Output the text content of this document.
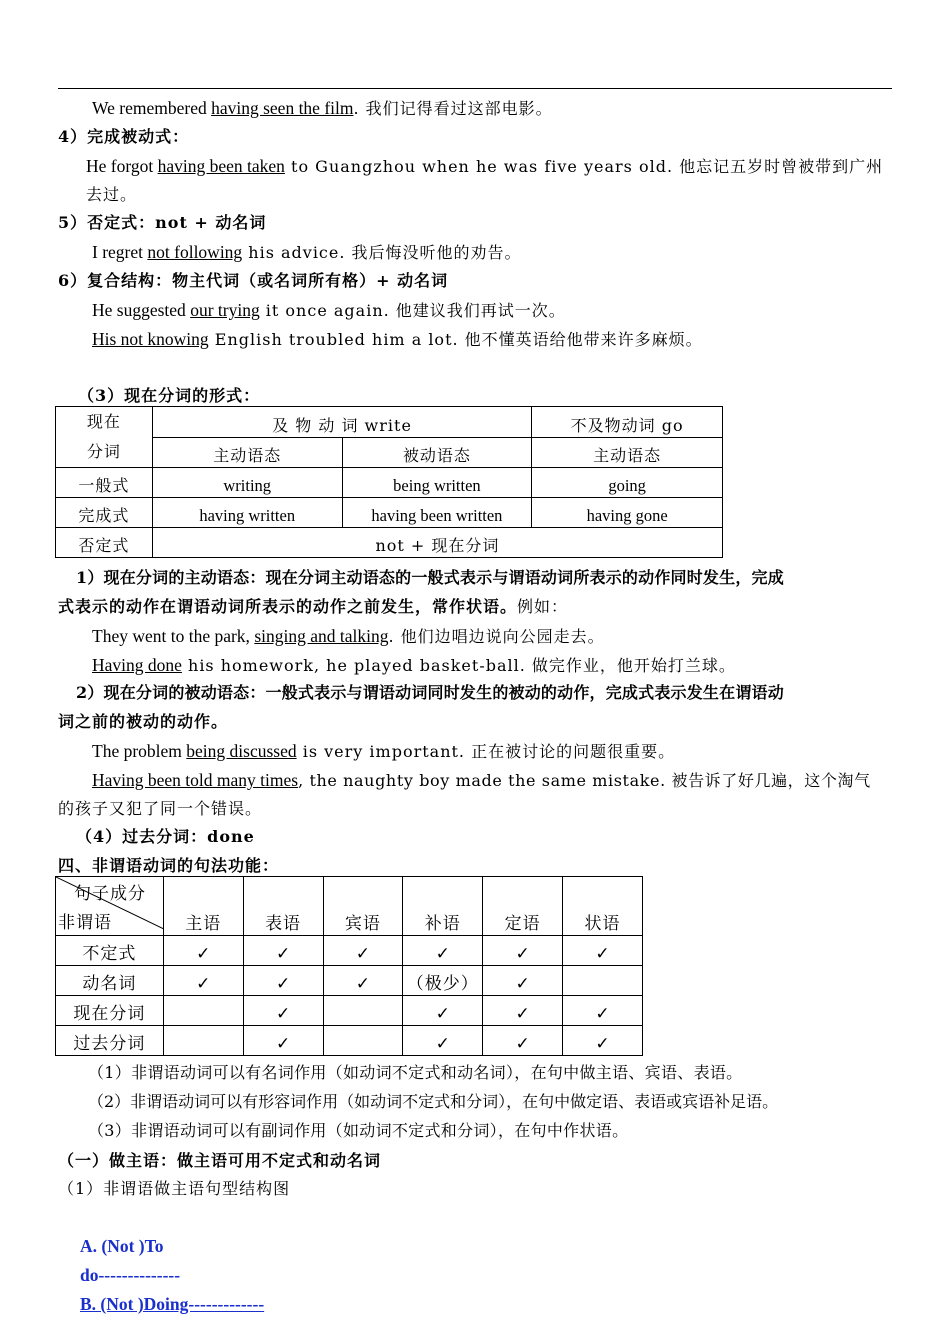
We remembered having seen the film. 我们记得看过这部电影。
4）完成被动式：
He forgot having been taken to Guangzhou when he was five years old. 他忘记五岁时曾被带到广州
去过。
5）否定式：not + 动名词
I regret not following his advice. 我后悔没听他的劝告。
6）复合结构：物主代词（或名词所有格）+ 动名词
He suggested our trying it once again. 他建议我们再试一次。
His not knowing English troubled him a lot. 他不懂英语给他带来许多麻烦。
（3）现在分词的形式：
现在
分词	及 物 动 词 write		不及物动词 go
	主动语态	被动语态	主动语态
一般式	writing	being written	going
完成式	having written	having been written	having gone
否定式	not + 现在分词		
1）现在分词的主动语态：现在分词主动语态的一般式表示与谓语动词所表示的动作同时发生，完成
式表示的动作在谓语动词所表示的动作之前发生，常作状语。例如：
They went to the park, singing and talking. 他们边唱边说向公园走去。
Having done his homework, he played basket-ball. 做完作业，他开始打兰球。
2）现在分词的被动语态：一般式表示与谓语动词同时发生的被动的动作，完成式表示发生在谓语动
词之前的被动的动作。
The problem being discussed is very important. 正在被讨论的问题很重要。
Having been told many times, the naughty boy made the same mistake. 被告诉了好几遍，这个淘气
的孩子又犯了同一个错误。
（4）过去分词：done
四、非谓语动词的句法功能：
句子成分
非谓语	主语	表语	宾语	补语	定语	状语
不定式	✓	✓	✓	✓	✓	✓
动名词	✓	✓	✓	（极少）	✓	
现在分词		✓		✓	✓	✓
过去分词		✓		✓	✓	✓
（1）非谓语动词可以有名词作用（如动词不定式和动名词），在句中做主语、宾语、表语。
（2）非谓语动词可以有形容词作用（如动词不定式和分词），在句中做定语、表语或宾语补足语。
（3）非谓语动词可以有副词作用（如动词不定式和分词），在句中作状语。
（一）做主语：做主语可用不定式和动名词
（1）非谓语做主语句型结构图
A. (Not )To
do--------------
B. (Not )Doing-------------
